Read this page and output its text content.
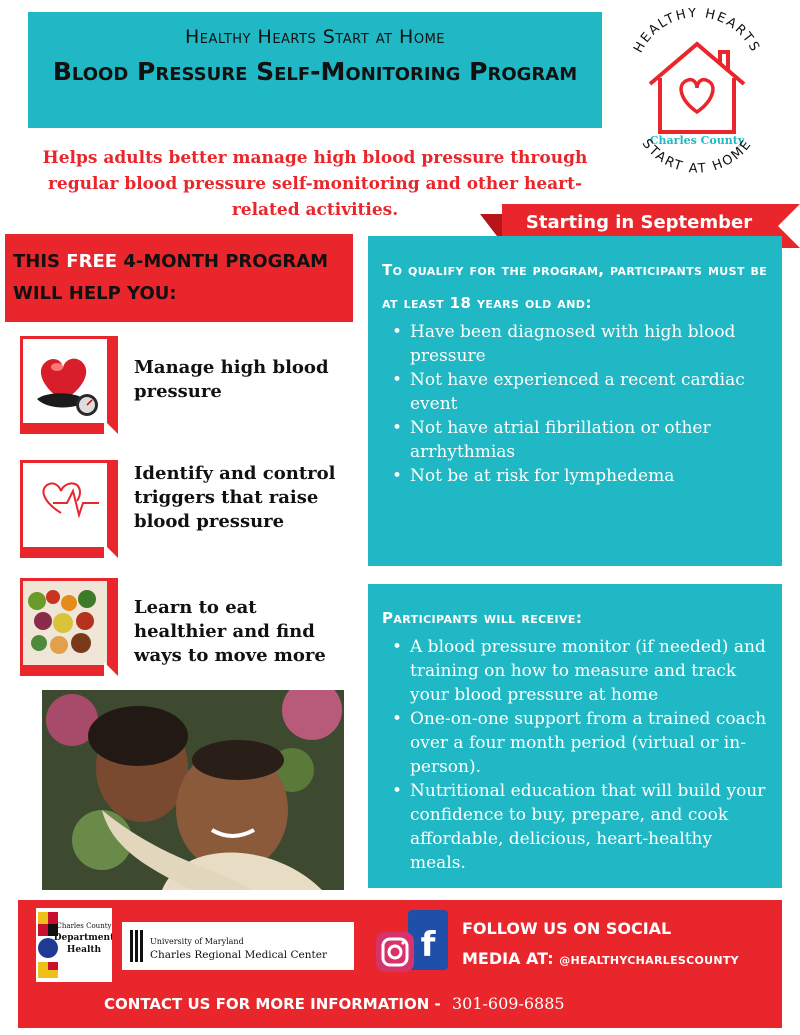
Healthy Hearts Start at Home
Blood Pressure Self-Monitoring Program
HEALTHY HEARTS
Charles County
START AT HOME
Helps adults better manage high blood pressure through regular blood pressure self-monitoring and other heart-related activities.
Starting in September
THIS FREE 4-MONTH PROGRAM WILL HELP YOU:
Manage high blood pressure
Identify and control triggers that raise blood pressure
Learn to eat healthier and find ways to move more
To qualify for the program, participants must be at least 18 years old and:
• Have been diagnosed with high blood pressure
• Not have experienced a recent cardiac event
• Not have atrial fibrillation or other arrhythmias
• Not be at risk for lymphedema
Participants will receive:
• A blood pressure monitor (if needed) and training on how to measure and track your blood pressure at home
• One-on-one support from a trained coach over a four month period (virtual or in-person).
• Nutritional education that will build your confidence to buy, prepare, and cook affordable, delicious, heart-healthy meals.
Charles County
Department
Health
University of Maryland
Charles Regional Medical Center	f FOLLOW US ON SOCIAL
MEDIA AT: @HEALTHYCHARLESCOUNTY
CONTACT US FOR MORE INFORMATION - 301-609-6885
